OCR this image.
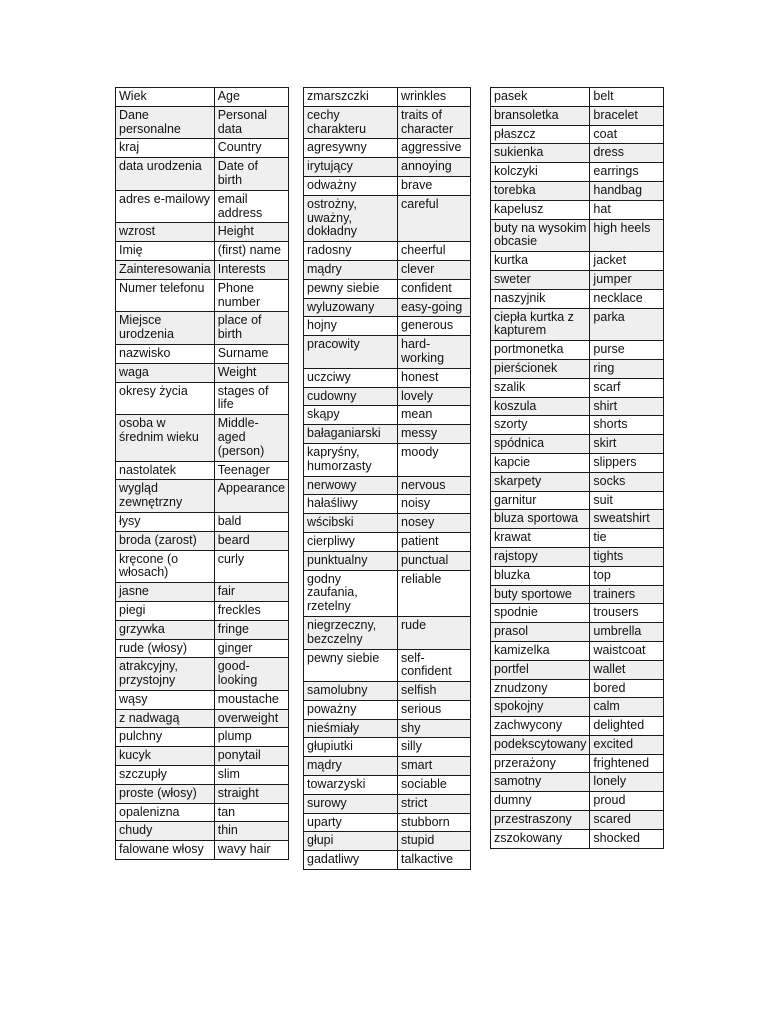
Wiek	Age
Dane personalne	Personal data
kraj	Country
data urodzenia	Date of birth
adres e-mailowy	email address
wzrost	Height
Imię	(first) name
Zainteresowania	Interests
Numer telefonu	Phone number
Miejsce urodzenia	place of birth
nazwisko	Surname
waga	Weight
okresy życia	stages of life
osoba w średnim wieku	Middle-aged (person)
nastolatek	Teenager
wygląd zewnętrzny	Appearance
łysy	bald
broda (zarost)	beard
kręcone (o włosach)	curly
jasne	fair
piegi	freckles
grzywka	fringe
rude (włosy)	ginger
atrakcyjny, przystojny	good-looking
wąsy	moustache
z nadwagą	overweight
pulchny	plump
kucyk	ponytail
szczupły	slim
proste (włosy)	straight
opalenizna	tan
chudy	thin
falowane włosy	wavy hair
zmarszczki	wrinkles
cechy charakteru	traits of character
agresywny	aggressive
irytujący	annoying
odważny	brave
ostrożny, uważny, dokładny	careful
radosny	cheerful
mądry	clever
pewny siebie	confident
wyluzowany	easy-going
hojny	generous
pracowity	hard-working
uczciwy	honest
cudowny	lovely
skąpy	mean
bałaganiarski	messy
kapryśny, humorzasty	moody
nerwowy	nervous
hałaśliwy	noisy
wścibski	nosey
cierpliwy	patient
punktualny	punctual
godny zaufania, rzetelny	reliable
niegrzeczny, bezczelny	rude
pewny siebie	self-confident
samolubny	selfish
poważny	serious
nieśmiały	shy
głupiutki	silly
mądry	smart
towarzyski	sociable
surowy	strict
uparty	stubborn
głupi	stupid
gadatliwy	talkactive
pasek	belt
bransoletka	bracelet
płaszcz	coat
sukienka	dress
kolczyki	earrings
torebka	handbag
kapelusz	hat
buty na wysokim obcasie	high heels
kurtka	jacket
sweter	jumper
naszyjnik	necklace
ciepła kurtka z kapturem	parka
portmonetka	purse
pierścionek	ring
szalik	scarf
koszula	shirt
szorty	shorts
spódnica	skirt
kapcie	slippers
skarpety	socks
garnitur	suit
bluza sportowa	sweatshirt
krawat	tie
rajstopy	tights
bluzka	top
buty sportowe	trainers
spodnie	trousers
prasol	umbrella
kamizelka	waistcoat
portfel	wallet
znudzony	bored
spokojny	calm
zachwycony	delighted
podekscytowany	excited
przerażony	frightened
samotny	lonely
dumny	proud
przestraszony	scared
zszokowany	shocked
